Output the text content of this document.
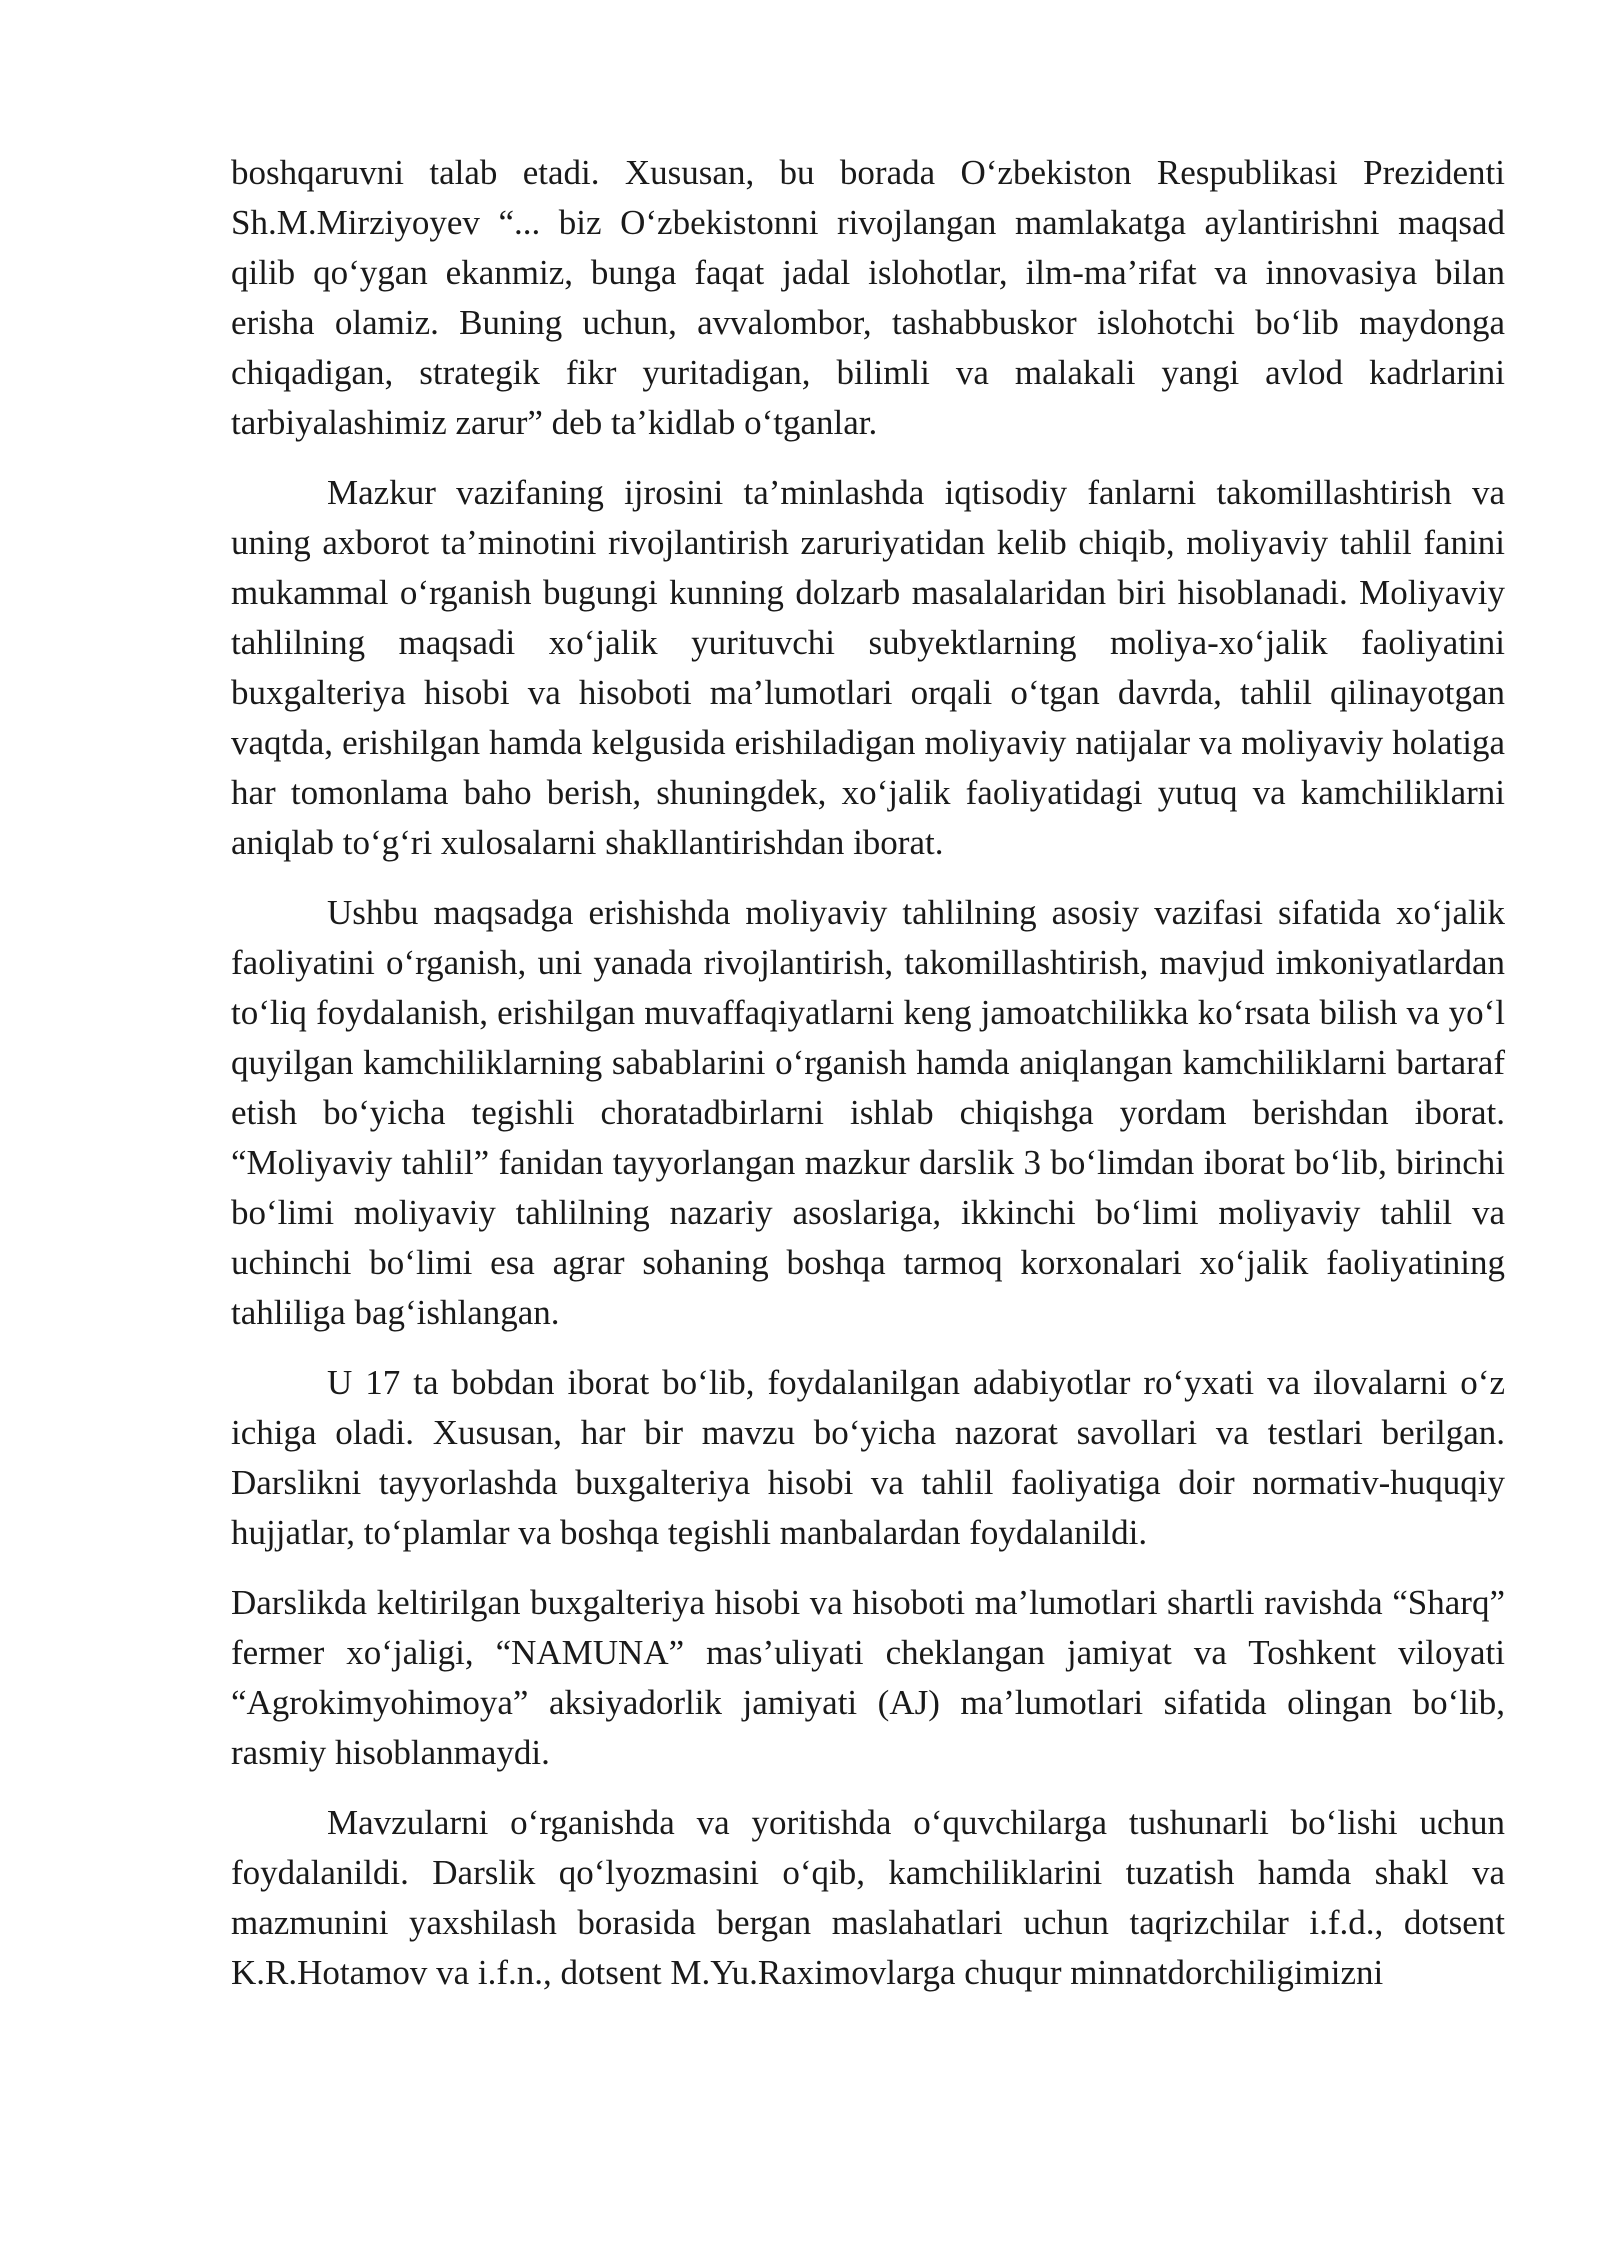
boshqaruvni talab etadi. Xususan, bu borada O‘zbekiston Respublikasi Prezidenti Sh.M.Mirziyoyev “... biz O‘zbekistonni rivojlangan mamlakatga aylantirishni maqsad qilib qo‘ygan ekanmiz, bunga faqat jadal islohotlar, ilm-ma’rifat va innovasiya bilan erisha olamiz. Buning uchun, avvalombor, tashabbuskor islohotchi bo‘lib maydonga chiqadigan, strategik fikr yuritadigan, bilimli va malakali yangi avlod kadrlarini tarbiyalashimiz zarur” deb ta’kidlab o‘tganlar.

Mazkur vazifaning ijrosini ta’minlashda iqtisodiy fanlarni takomillashtirish va uning axborot ta’minotini rivojlantirish zaruriyatidan kelib chiqib, moliyaviy tahlil fanini mukammal o‘rganish bugungi kunning dolzarb masalalaridan biri hisoblanadi. Moliyaviy tahlilning maqsadi xo‘jalik yurituvchi subyektlarning moliya-xo‘jalik faoliyatini buxgalteriya hisobi va hisoboti ma’lumotlari orqali o‘tgan davrda, tahlil qilinayotgan vaqtda, erishilgan hamda kelgusida erishiladigan moliyaviy natijalar va moliyaviy holatiga har tomonlama baho berish, shuningdek, xo‘jalik faoliyatidagi yutuq va kamchiliklarni aniqlab to‘g‘ri xulosalarni shakllantirishdan iborat.

Ushbu maqsadga erishishda moliyaviy tahlilning asosiy vazifasi sifatida xo‘jalik faoliyatini o‘rganish, uni yanada rivojlantirish, takomillashtirish, mavjud imkoniyatlardan to‘liq foydalanish, erishilgan muvaffaqiyatlarni keng jamoatchilikka ko‘rsata bilish va yo‘l quyilgan kamchiliklarning sabablarini o‘rganish hamda aniqlangan kamchiliklarni bartaraf etish bo‘yicha tegishli choratadbirlarni ishlab chiqishga yordam berishdan iborat. “Moliyaviy tahlil” fanidan tayyorlangan mazkur darslik 3 bo‘limdan iborat bo‘lib, birinchi bo‘limi moliyaviy tahlilning nazariy asoslariga, ikkinchi bo‘limi moliyaviy tahlil va uchinchi bo‘limi esa agrar sohaning boshqa tarmoq korxonalari xo‘jalik faoliyatining tahliliga bag‘ishlangan.

U 17 ta bobdan iborat bo‘lib, foydalanilgan adabiyotlar ro‘yxati va ilovalarni o‘z ichiga oladi. Xususan, har bir mavzu bo‘yicha nazorat savollari va testlari berilgan. Darslikni tayyorlashda buxgalteriya hisobi va tahlil faoliyatiga doir normativ-huquqiy hujjatlar, to‘plamlar va boshqa tegishli manbalardan foydalanildi.

Darslikda keltirilgan buxgalteriya hisobi va hisoboti ma’lumotlari shartli ravishda “Sharq” fermer xo‘jaligi, “NAMUNA” mas’uliyati cheklangan jamiyat va Toshkent viloyati “Agrokimyohimoya” aksiyadorlik jamiyati (AJ) ma’lumotlari sifatida olingan bo‘lib, rasmiy hisoblanmaydi.

Mavzularni o‘rganishda va yoritishda o‘quvchilarga tushunarli bo‘lishi uchun foydalanildi. Darslik qo‘lyozmasini o‘qib, kamchiliklarini tuzatish hamda shakl va mazmunini yaxshilash borasida bergan maslahatlari uchun taqrizchilar i.f.d., dotsent K.R.Hotamov va i.f.n., dotsent M.Yu.Raximovlarga chuqur minnatdorchiligimizni
